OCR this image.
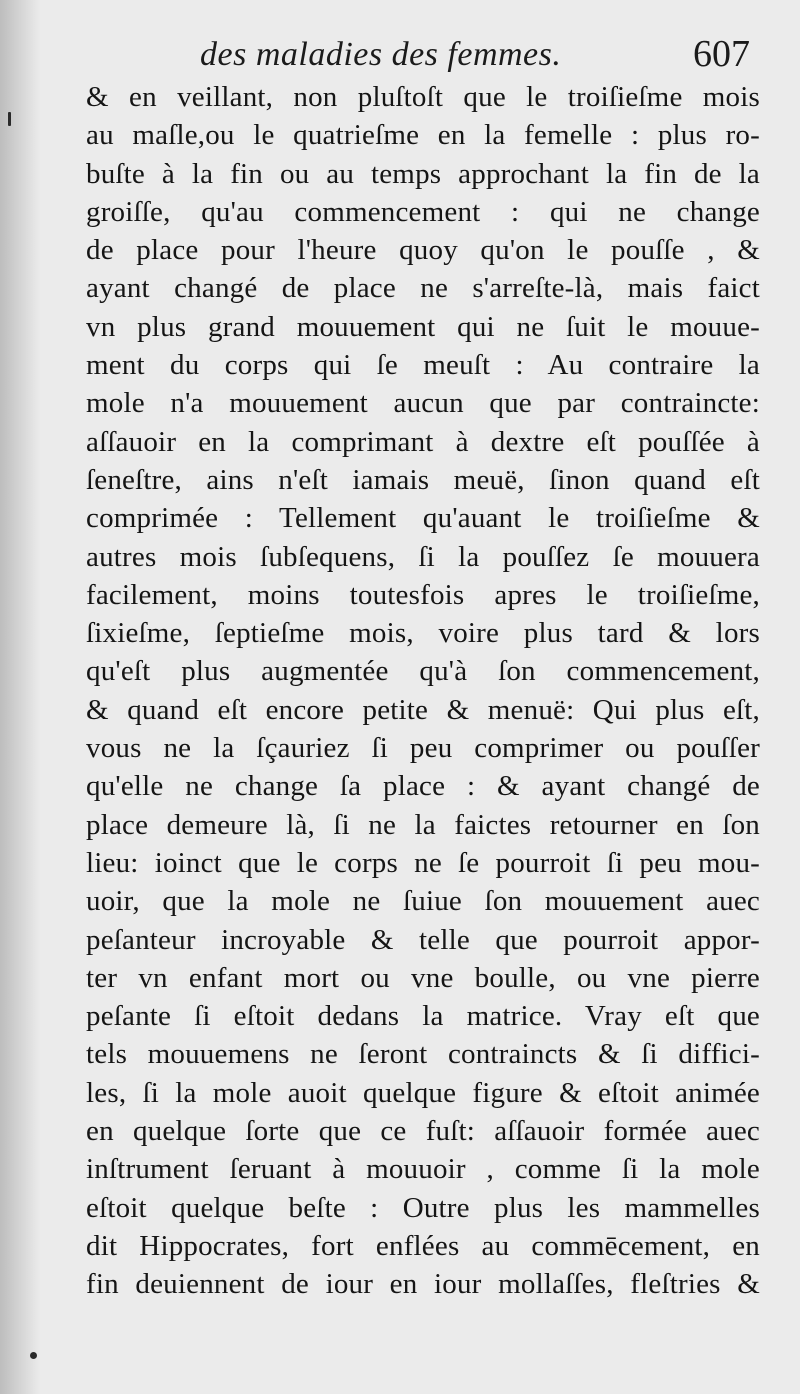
des maladies des femmes.	607
& en veillant, non pluſtoſt que le troiſieſme mois
au maſle,ou le quatrieſme en la femelle : plus ro-
buſte à la fin ou au temps approchant la fin de la
groiſſe, qu'au commencement : qui ne change
de place pour l'heure quoy qu'on le pouſſe , &
ayant changé de place ne s'arreſte-là, mais faict
vn plus grand mouuement qui ne ſuit le mouue-
ment du corps qui ſe meuſt : Au contraire la
mole n'a mouuement aucun que par contraincte:
aſſauoir en la comprimant à dextre eſt pouſſée à
ſeneſtre, ains n'eſt iamais meuë, ſinon quand eſt
comprimée : Tellement qu'auant le troiſieſme &
autres mois ſubſequens, ſi la pouſſez ſe mouuera
facilement, moins toutesfois apres le troiſieſme,
ſixieſme, ſeptieſme mois, voire plus tard & lors
qu'eſt plus augmentée qu'à ſon commencement,
& quand eſt encore petite & menuë: Qui plus eſt,
vous ne la ſçauriez ſi peu comprimer ou pouſſer
qu'elle ne change ſa place : & ayant changé de
place demeure là, ſi ne la faictes retourner en ſon
lieu: ioinct que le corps ne ſe pourroit ſi peu mou-
uoir, que la mole ne ſuiue ſon mouuement auec
peſanteur incroyable & telle que pourroit appor-
ter vn enfant mort ou vne boulle, ou vne pierre
peſante ſi eſtoit dedans la matrice. Vray eſt que
tels mouuemens ne ſeront contraincts & ſi diffici-
les, ſi la mole auoit quelque figure & eſtoit animée
en quelque ſorte que ce fuſt: aſſauoir formée auec
inſtrument ſeruant à mouuoir , comme ſi la mole
eſtoit quelque beſte : Outre plus les mammelles
dit Hippocrates, fort enflées au commēcement, en
fin deuiennent de iour en iour mollaſſes, fleſtries &
